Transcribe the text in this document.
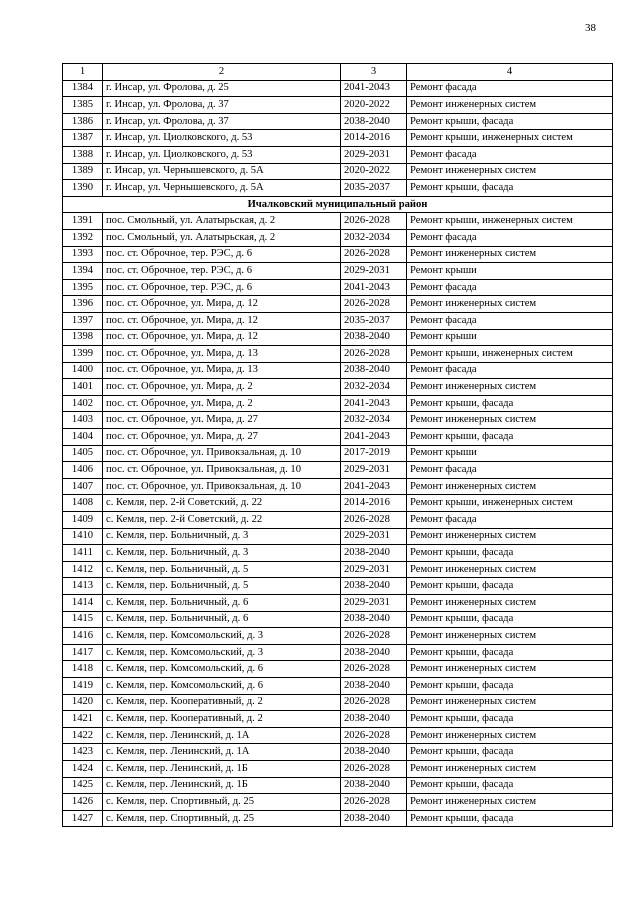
38
1	2	3	4
1384	г. Инсар, ул. Фролова, д. 25	2041-2043	Ремонт фасада
1385	г. Инсар, ул. Фролова, д. 37	2020-2022	Ремонт инженерных систем
1386	г. Инсар, ул. Фролова, д. 37	2038-2040	Ремонт крыши, фасада
1387	г. Инсар, ул. Циолковского, д. 53	2014-2016	Ремонт крыши, инженерных систем
1388	г. Инсар, ул. Циолковского, д. 53	2029-2031	Ремонт фасада
1389	г. Инсар, ул. Чернышевского, д. 5А	2020-2022	Ремонт инженерных систем
1390	г. Инсар, ул. Чернышевского, д. 5А	2035-2037	Ремонт крыши, фасада
Ичалковский муниципальный район			
1391	пос. Смольный, ул. Алатырьская, д. 2	2026-2028	Ремонт крыши, инженерных систем
1392	пос. Смольный, ул. Алатырьская, д. 2	2032-2034	Ремонт фасада
1393	пос. ст. Оброчное, тер. РЭС, д. 6	2026-2028	Ремонт инженерных систем
1394	пос. ст. Оброчное, тер. РЭС, д. 6	2029-2031	Ремонт крыши
1395	пос. ст. Оброчное, тер. РЭС, д. 6	2041-2043	Ремонт фасада
1396	пос. ст. Оброчное, ул. Мира, д. 12	2026-2028	Ремонт инженерных систем
1397	пос. ст. Оброчное, ул. Мира, д. 12	2035-2037	Ремонт фасада
1398	пос. ст. Оброчное, ул. Мира, д. 12	2038-2040	Ремонт крыши
1399	пос. ст. Оброчное, ул. Мира, д. 13	2026-2028	Ремонт крыши, инженерных систем
1400	пос. ст. Оброчное, ул. Мира, д. 13	2038-2040	Ремонт фасада
1401	пос. ст. Оброчное, ул. Мира, д. 2	2032-2034	Ремонт инженерных систем
1402	пос. ст. Оброчное, ул. Мира, д. 2	2041-2043	Ремонт крыши, фасада
1403	пос. ст. Оброчное, ул. Мира, д. 27	2032-2034	Ремонт инженерных систем
1404	пос. ст. Оброчное, ул. Мира, д. 27	2041-2043	Ремонт крыши, фасада
1405	пос. ст. Оброчное, ул. Привокзальная, д. 10	2017-2019	Ремонт крыши
1406	пос. ст. Оброчное, ул. Привокзальная, д. 10	2029-2031	Ремонт фасада
1407	пос. ст. Оброчное, ул. Привокзальная, д. 10	2041-2043	Ремонт инженерных систем
1408	с. Кемля, пер. 2-й Советский, д. 22	2014-2016	Ремонт крыши, инженерных систем
1409	с. Кемля, пер. 2-й Советский, д. 22	2026-2028	Ремонт фасада
1410	с. Кемля, пер. Больничный, д. 3	2029-2031	Ремонт инженерных систем
1411	с. Кемля, пер. Больничный, д. 3	2038-2040	Ремонт крыши, фасада
1412	с. Кемля, пер. Больничный, д. 5	2029-2031	Ремонт инженерных систем
1413	с. Кемля, пер. Больничный, д. 5	2038-2040	Ремонт крыши, фасада
1414	с. Кемля, пер. Больничный, д. 6	2029-2031	Ремонт инженерных систем
1415	с. Кемля, пер. Больничный, д. 6	2038-2040	Ремонт крыши, фасада
1416	с. Кемля, пер. Комсомольский, д. 3	2026-2028	Ремонт инженерных систем
1417	с. Кемля, пер. Комсомольский, д. 3	2038-2040	Ремонт крыши, фасада
1418	с. Кемля, пер. Комсомольский, д. 6	2026-2028	Ремонт инженерных систем
1419	с. Кемля, пер. Комсомольский, д. 6	2038-2040	Ремонт крыши, фасада
1420	с. Кемля, пер. Кооперативный, д. 2	2026-2028	Ремонт инженерных систем
1421	с. Кемля, пер. Кооперативный, д. 2	2038-2040	Ремонт крыши, фасада
1422	с. Кемля, пер. Ленинский, д. 1А	2026-2028	Ремонт инженерных систем
1423	с. Кемля, пер. Ленинский, д. 1А	2038-2040	Ремонт крыши, фасада
1424	с. Кемля, пер. Ленинский, д. 1Б	2026-2028	Ремонт инженерных систем
1425	с. Кемля, пер. Ленинский, д. 1Б	2038-2040	Ремонт крыши, фасада
1426	с. Кемля, пер. Спортивный, д. 25	2026-2028	Ремонт инженерных систем
1427	с. Кемля, пер. Спортивный, д. 25	2038-2040	Ремонт крыши, фасада
